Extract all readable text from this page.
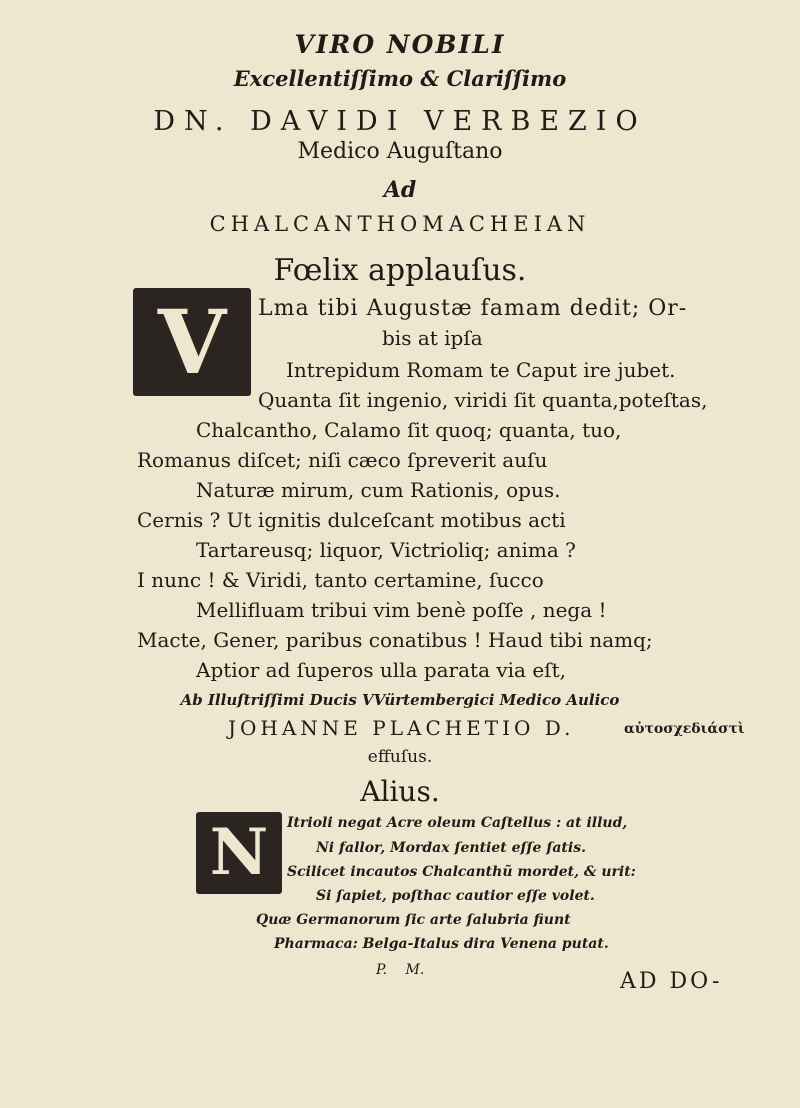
VIRO NOBILI
Excellentiſſimo & Clariſſimo
DN. DAVIDI VERBEZIO
Medico Auguſtano
Ad
CHALCANTHOMACHEIAN
Fœlix applauſus.
V Lma tibi Augustæ famam dedit; Or-
bis at ipſa
Intrepidum Romam te Caput ire jubet.
Quanta ſit ingenio, viridi ſit quanta,poteſtas,
Chalcantho, Calamo ſit quoq; quanta, tuo,
Romanus diſcet; niſi cæco ſpreverit auſu
Naturæ mirum, cum Rationis, opus.
Cernis ? Ut ignitis dulceſcant motibus acti
Tartareusq; liquor, Victrioliq; anima ?
I nunc ! & Viridi, tanto certamine, ſucco
Mellifluam tribui vim benè poſſe , nega !
Macte, Gener, paribus conatibus ! Haud tibi namq;
Aptior ad ſuperos ulla parata via eſt,
Ab Illuſtriſſimi Ducis VVürtembergici Medico Aulico
JOHANNE PLACHETIO D.	αὐτοσχεδιάστὶ
effuſus.
Alius.
N Itrioli negat Acre oleum Caſtellus : at illud,
Ni fallor, Mordax ſentiet eſſe ſatis.
Scilicet incautos Chalcanthũ mordet, & urit:
Si ſapiet, poſthac cautior eſſe volet.
Quæ Germanorum ſic arte ſalubria fiunt
Pharmaca: Belga-Italus dira Venena putat.
P. M.	AD DO-
